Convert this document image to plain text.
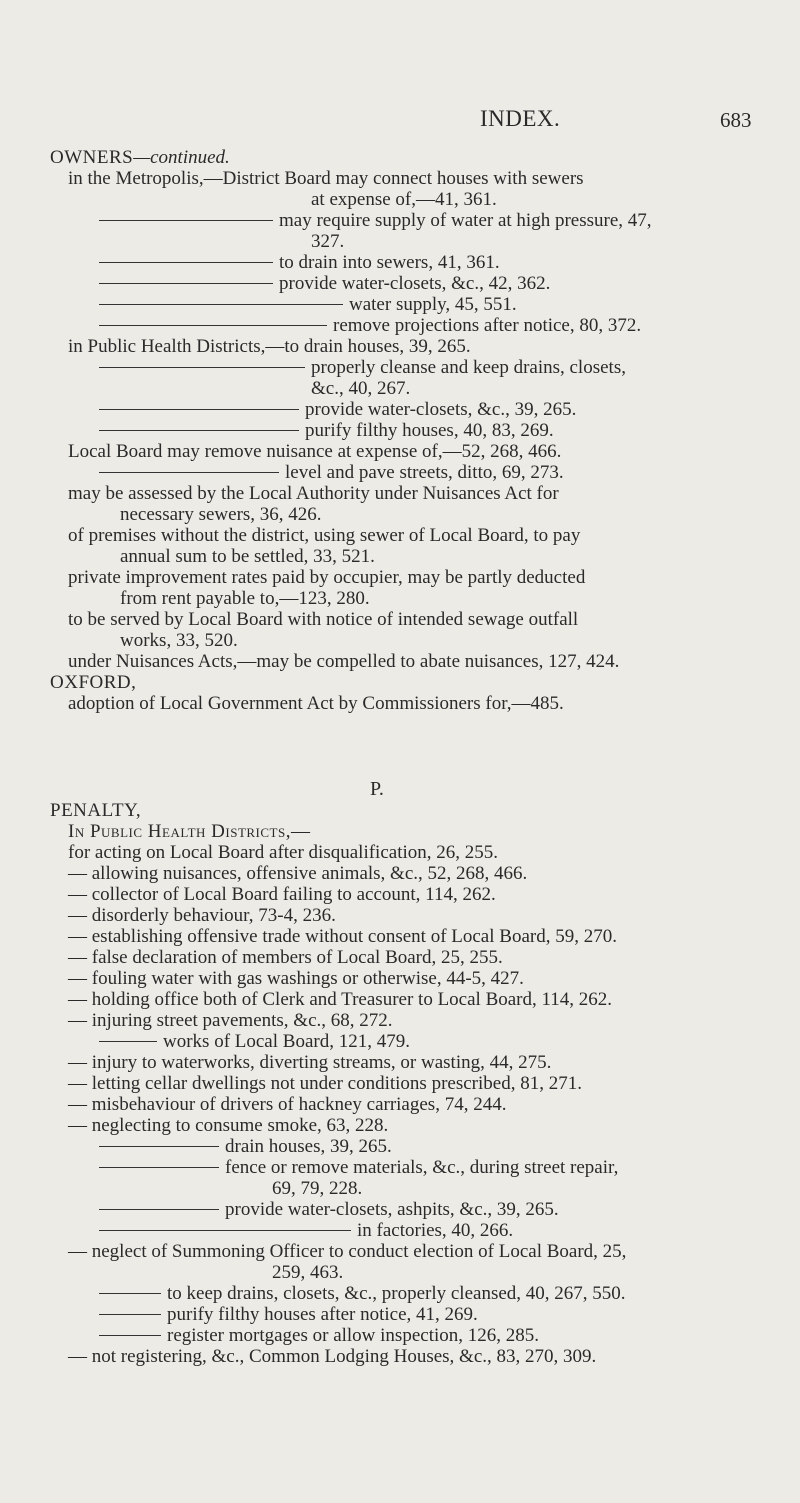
INDEX.	683
OWNERS—continued.
in the Metropolis,—District Board may connect houses with sewers
at expense of,—41, 361.
may require supply of water at high pressure, 47,
327.
to drain into sewers, 41, 361.
provide water-closets, &c., 42, 362.
water supply, 45, 551.
remove projections after notice, 80, 372.
in Public Health Districts,—to drain houses, 39, 265.
properly cleanse and keep drains, closets,
&c., 40, 267.
provide water-closets, &c., 39, 265.
purify filthy houses, 40, 83, 269.
Local Board may remove nuisance at expense of,—52, 268, 466.
level and pave streets, ditto, 69, 273.
may be assessed by the Local Authority under Nuisances Act for
necessary sewers, 36, 426.
of premises without the district, using sewer of Local Board, to pay
annual sum to be settled, 33, 521.
private improvement rates paid by occupier, may be partly deducted
from rent payable to,—123, 280.
to be served by Local Board with notice of intended sewage outfall
works, 33, 520.
under Nuisances Acts,—may be compelled to abate nuisances, 127, 424.
OXFORD,
adoption of Local Government Act by Commissioners for,—485.
P.
PENALTY,
In Public Health Districts,—
for acting on Local Board after disqualification, 26, 255.
— allowing nuisances, offensive animals, &c., 52, 268, 466.
— collector of Local Board failing to account, 114, 262.
— disorderly behaviour, 73-4, 236.
— establishing offensive trade without consent of Local Board, 59, 270.
— false declaration of members of Local Board, 25, 255.
— fouling water with gas washings or otherwise, 44-5, 427.
— holding office both of Clerk and Treasurer to Local Board, 114, 262.
— injuring street pavements, &c., 68, 272.
works of Local Board, 121, 479.
— injury to waterworks, diverting streams, or wasting, 44, 275.
— letting cellar dwellings not under conditions prescribed, 81, 271.
— misbehaviour of drivers of hackney carriages, 74, 244.
— neglecting to consume smoke, 63, 228.
drain houses, 39, 265.
fence or remove materials, &c., during street repair,
69, 79, 228.
provide water-closets, ashpits, &c., 39, 265.
in factories, 40, 266.
— neglect of Summoning Officer to conduct election of Local Board, 25,
259, 463.
to keep drains, closets, &c., properly cleansed, 40, 267, 550.
purify filthy houses after notice, 41, 269.
register mortgages or allow inspection, 126, 285.
— not registering, &c., Common Lodging Houses, &c., 83, 270, 309.
